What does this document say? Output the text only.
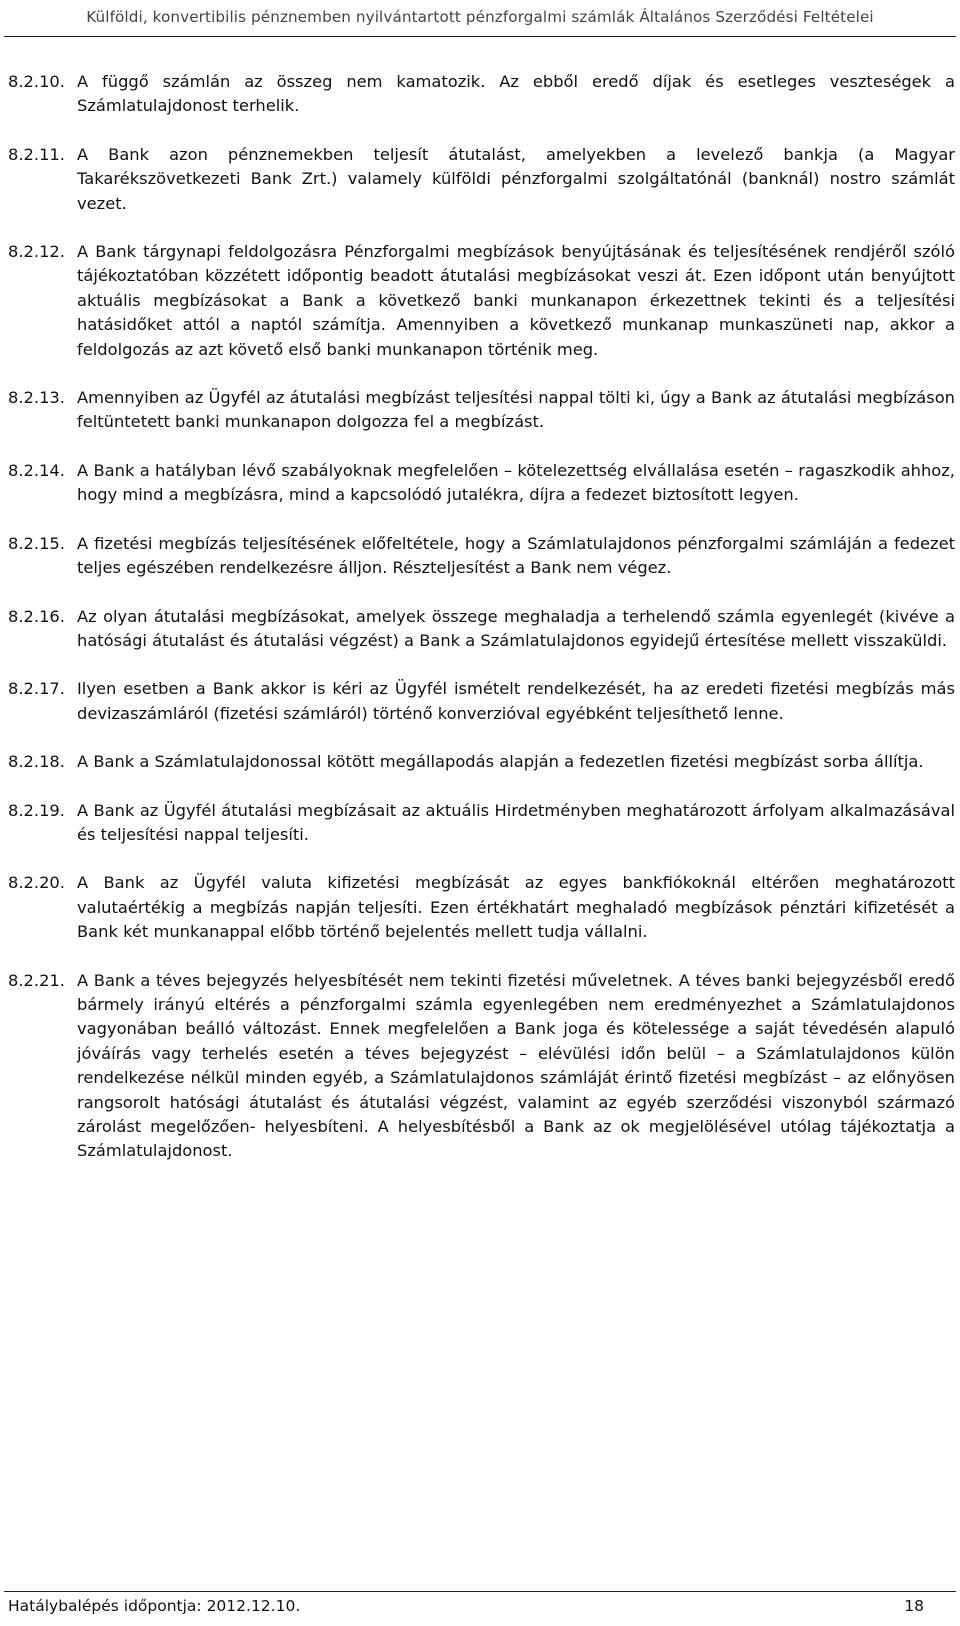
Külföldi, konvertibilis pénznemben nyilvántartott pénzforgalmi számlák Általános Szerződési Feltételei
8.2.10. A függő számlán az összeg nem kamatozik. Az ebből eredő díjak és esetleges veszteségek a Számlatulajdonost terhelik.
8.2.11. A Bank azon pénznemekben teljesít átutalást, amelyekben a levelező bankja (a Magyar Takarékszövetkezeti Bank Zrt.) valamely külföldi pénzforgalmi szolgáltatónál (banknál) nostro számlát vezet.
8.2.12. A Bank tárgynapi feldolgozásra Pénzforgalmi megbízások benyújtásának és teljesítésének rendjéről szóló tájékoztatóban közzétett időpontig beadott átutalási megbízásokat veszi át. Ezen időpont után benyújtott aktuális megbízásokat a Bank a következő banki munkanapon érkezettnek tekinti és a teljesítési hatásidőket attól a naptól számítja. Amennyiben a következő munkanap munkaszüneti nap, akkor a feldolgozás az azt követő első banki munkanapon történik meg.
8.2.13. Amennyiben az Ügyfél az átutalási megbízást teljesítési nappal tölti ki, úgy a Bank az átutalási megbízáson feltüntetett banki munkanapon dolgozza fel a megbízást.
8.2.14. A Bank a hatályban lévő szabályoknak megfelelően – kötelezettség elvállalása esetén – ragaszkodik ahhoz, hogy mind a megbízásra, mind a kapcsolódó jutalékra, díjra a fedezet biztosított legyen.
8.2.15. A fizetési megbízás teljesítésének előfeltétele, hogy a Számlatulajdonos pénzforgalmi számláján a fedezet teljes egészében rendelkezésre álljon. Részteljesítést a Bank nem végez.
8.2.16. Az olyan átutalási megbízásokat, amelyek összege meghaladja a terhelendő számla egyenlegét (kivéve a hatósági átutalást és átutalási végzést) a Bank a Számlatulajdonos egyidejű értesítése mellett visszaküldi.
8.2.17. Ilyen esetben a Bank akkor is kéri az Ügyfél ismételt rendelkezését, ha az eredeti fizetési megbízás más devizaszámláról (fizetési számláról) történő konverzióval egyébként teljesíthető lenne.
8.2.18. A Bank a Számlatulajdonossal kötött megállapodás alapján a fedezetlen fizetési megbízást sorba állítja.
8.2.19. A Bank az Ügyfél átutalási megbízásait az aktuális Hirdetményben meghatározott árfolyam alkalmazásával és teljesítési nappal teljesíti.
8.2.20. A Bank az Ügyfél valuta kifizetési megbízását az egyes bankfiókoknál eltérően meghatározott valutaértékig a megbízás napján teljesíti. Ezen értékhatárt meghaladó megbízások pénztári kifizetését a Bank két munkanappal előbb történő bejelentés mellett tudja vállalni.
8.2.21. A Bank a téves bejegyzés helyesbítését nem tekinti fizetési műveletnek. A téves banki bejegyzésből eredő bármely irányú eltérés a pénzforgalmi számla egyenlegében nem eredményezhet a Számlatulajdonos vagyonában beálló változást. Ennek megfelelően a Bank joga és kötelessége a saját tévedésén alapuló jóváírás vagy terhelés esetén a téves bejegyzést – elévülési időn belül – a Számlatulajdonos külön rendelkezése nélkül minden egyéb, a Számlatulajdonos számláját érintő fizetési megbízást – az előnyösen rangsorolt hatósági átutalást és átutalási végzést, valamint az egyéb szerződési viszonyból származó zárolást megelőzően- helyesbíteni. A helyesbítésből a Bank az ok megjelölésével utólag tájékoztatja a Számlatulajdonost.
Hatálybalépés időpontja: 2012.12.10.	18
